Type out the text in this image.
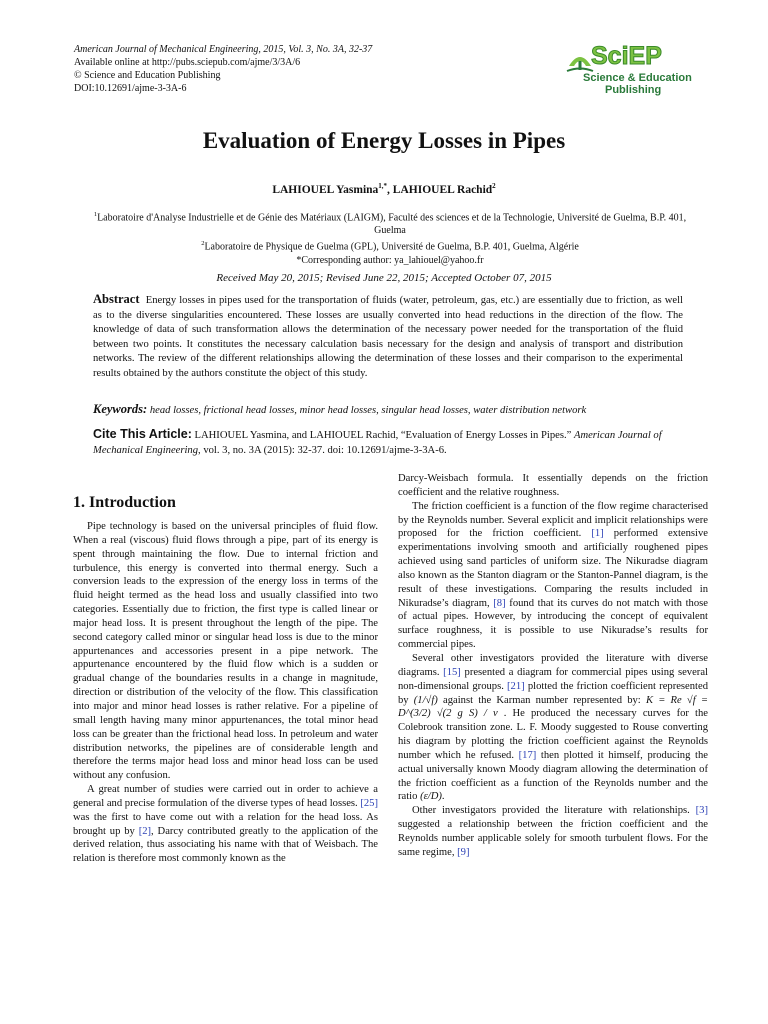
American Journal of Mechanical Engineering, 2015, Vol. 3, No. 3A, 32-37
Available online at http://pubs.sciepub.com/ajme/3/3A/6
© Science and Education Publishing
DOI:10.12691/ajme-3-3A-6
SciEP
Science & Education
Publishing
Evaluation of Energy Losses in Pipes
LAHIOUEL Yasmina$^{1,*}$, LAHIOUEL Rachid$^2$
$^1$Laboratoire d'Analyse Industrielle et de Génie des Matériaux (LAIGM), Faculté des sciences et de la Technologie, Université de Guelma, B.P. 401, Guelma
$^2$Laboratoire de Physique de Guelma (GPL), Université de Guelma, B.P. 401, Guelma, Algérie
*Corresponding author: ya_lahiouel@yahoo.fr
Received May 20, 2015; Revised June 22, 2015; Accepted October 07, 2015
Abstract Energy losses in pipes used for the transportation of fluids (water, petroleum, gas, etc.) are essentially due to friction, as well as to the diverse singularities encountered. These losses are usually converted into head reductions in the direction of the flow. The knowledge of data of such transformation allows the determination of the necessary power needed for the transportation of the fluid between two points. It constitutes the necessary calculation basis necessary for the design and analysis of transport and distribution networks. The review of the different relationships allowing the determination of these losses and their comparison to the experimental results obtained by the authors constitute the object of this study.
Keywords: head losses, frictional head losses, minor head losses, singular head losses, water distribution network
Cite This Article: LAHIOUEL Yasmina, and LAHIOUEL Rachid, “Evaluation of Energy Losses in Pipes.” American Journal of Mechanical Engineering, vol. 3, no. 3A (2015): 32-37. doi: 10.12691/ajme-3-3A-6.
1. Introduction

Pipe technology is based on the universal principles of fluid flow. When a real (viscous) fluid flows through a pipe, part of its energy is spent through maintaining the flow. Due to internal friction and turbulence, this energy is converted into thermal energy. Such a conversion leads to the expression of the energy loss in terms of the fluid height termed as the head loss and usually classified into two categories. Essentially due to friction, the first type is called linear or major head loss. It is present throughout the length of the pipe. The second category called minor or singular head loss is due to the minor appurtenances and accessories present in a pipe network. The appurtenance encountered by the fluid flow which is a sudden or gradual change of the boundaries results in a change in magnitude, direction or distribution of the velocity of the flow. This classification into major and minor head losses is rather relative. For a pipeline of small length having many minor appurtenances, the total minor head loss can be greater than the frictional head loss. In petroleum and water distribution networks, the pipelines are of considerable length and therefore the terms major head loss and minor head loss can be used without any confusion.

A great number of studies were carried out in order to achieve a general and precise formulation of the diverse types of head losses. [25] was the first to have come out with a relation for the head loss. As brought up by [2], Darcy contributed greatly to the application of the derived relation, thus associating his name with that of Weisbach. The relation is therefore most commonly known as the

Darcy-Weisbach formula. It essentially depends on the friction coefficient and the relative roughness.

The friction coefficient is a function of the flow regime characterised by the Reynolds number. Several explicit and implicit relationships were proposed for the friction coefficient. [1] performed extensive experimentations involving smooth and artificially roughened pipes achieved using sand particles of uniform size. The Nikuradse diagram also known as the Stanton diagram or the Stanton-Pannel diagram, is the result of these investigations. Comparing the results included in Nikuradse’s diagram, [8] found that its curves do not match with those of actual pipes. However, by introducing the concept of equivalent surface roughness, it is possible to use Nikuradse’s results for commercial pipes.

Several other investigators provided the literature with diverse diagrams. [15] presented a diagram for commercial pipes using several non-dimensional groups. [21] plotted the friction coefficient represented by (1/√f) against the Karman number represented by: K = Re √f = D^(3/2) √(2 g S) / ν . He produced the necessary curves for the Colebrook transition zone. L. F. Moody suggested to Rouse converting his diagram by plotting the friction coefficient against the Reynolds number which he refused. [17] then plotted it himself, producing the actual universally known Moody diagram allowing the determination of the friction coefficient as a function of the Reynolds number and the ratio (ε/D).

Other investigators provided the literature with relationships. [3] suggested a relationship between the friction coefficient and the Reynolds number applicable solely for smooth turbulent flows. For the same regime, [9]
